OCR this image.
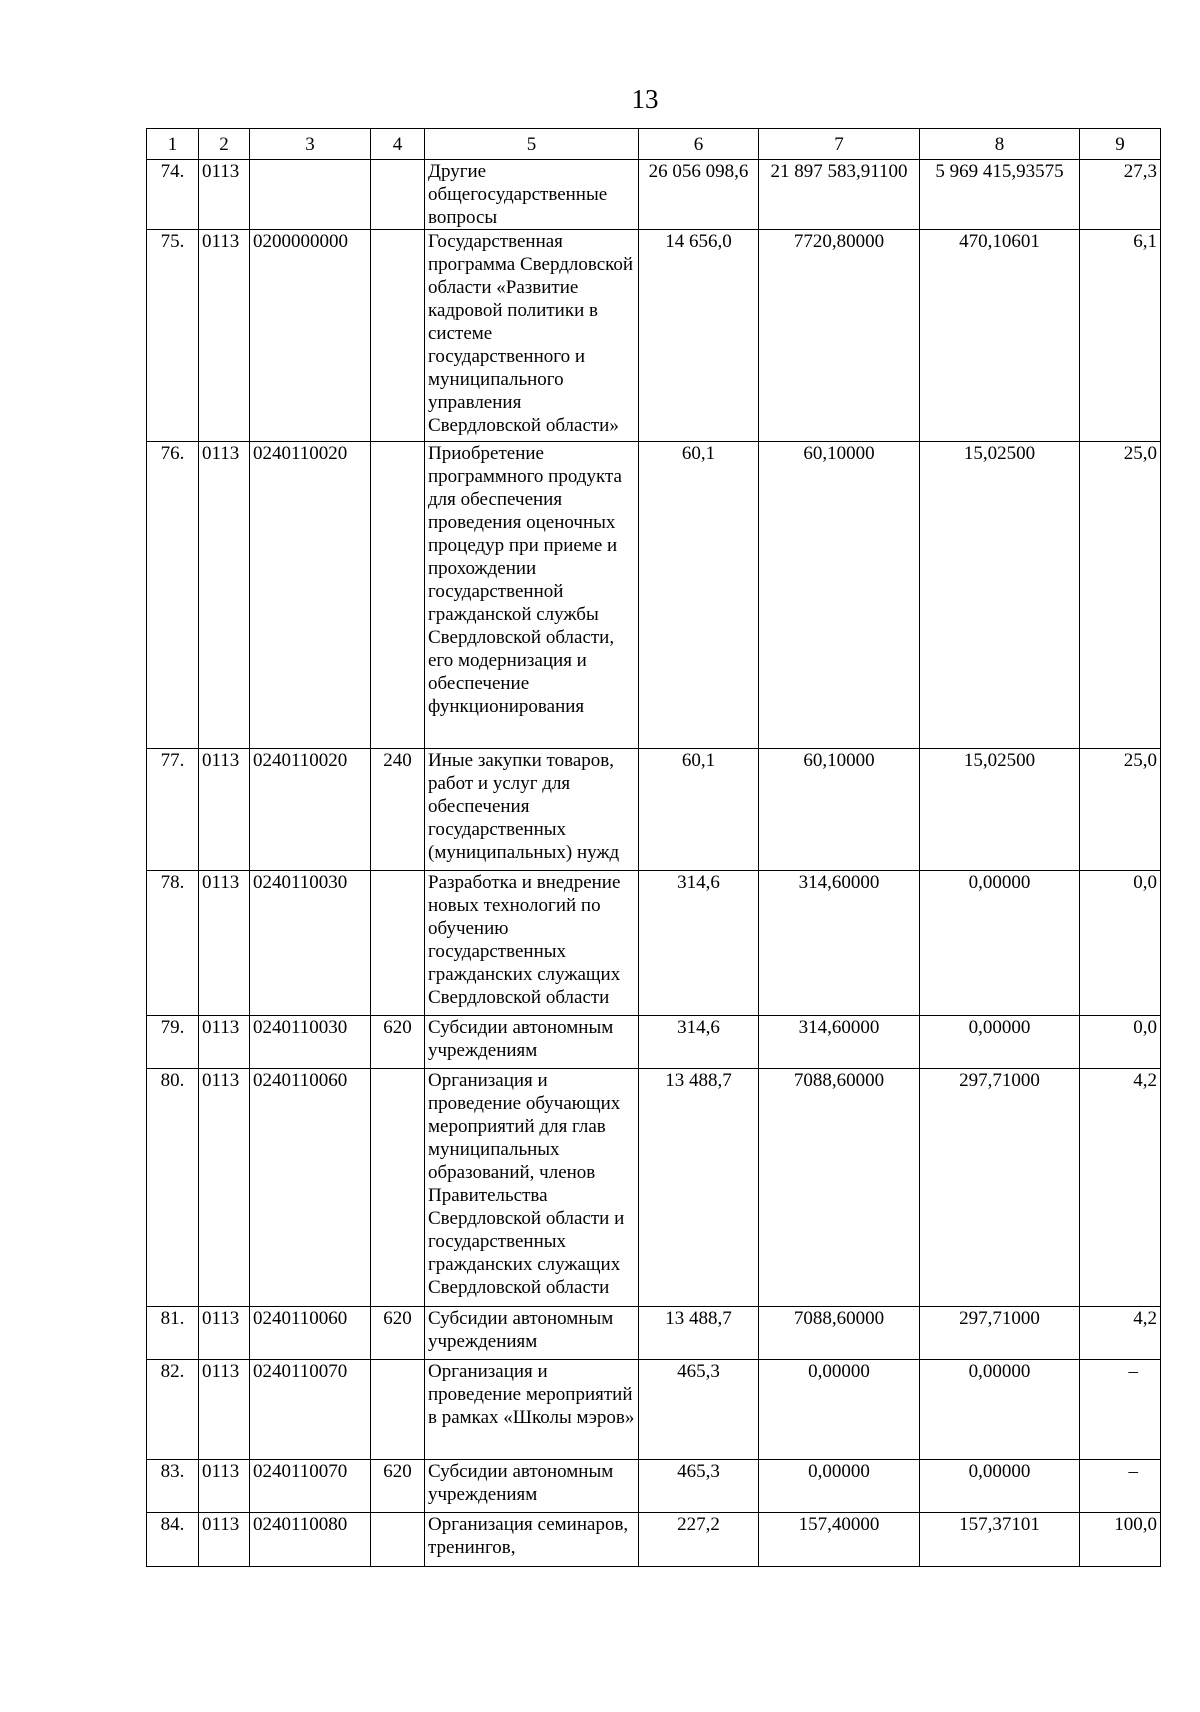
13
1	2	3	4	5	6	7	8	9
74.	0113			Другие общегосударственные вопросы	26 056 098,6	21 897 583,91100	5 969 415,93575	27,3
75.	0113	0200000000		Государственная программа Свердловской области «Развитие кадровой политики в системе государственного и муниципального управления Свердловской области»	14 656,0	7720,80000	470,10601	6,1
76.	0113	0240110020		Приобретение программного продукта для обеспечения проведения оценочных процедур при приеме и прохождении государственной гражданской службы Свердловской области, его модернизация и обеспечение функционирования	60,1	60,10000	15,02500	25,0
77.	0113	0240110020	240	Иные закупки товаров, работ и услуг для обеспечения государственных (муниципальных) нужд	60,1	60,10000	15,02500	25,0
78.	0113	0240110030		Разработка и внедрение новых технологий по обучению государственных гражданских служащих Свердловской области	314,6	314,60000	0,00000	0,0
79.	0113	0240110030	620	Субсидии автономным учреждениям	314,6	314,60000	0,00000	0,0
80.	0113	0240110060		Организация и проведение обучающих мероприятий для глав муниципальных образований, членов Правительства Свердловской области и государственных гражданских служащих Свердловской области	13 488,7	7088,60000	297,71000	4,2
81.	0113	0240110060	620	Субсидии автономным учреждениям	13 488,7	7088,60000	297,71000	4,2
82.	0113	0240110070		Организация и проведение мероприятий в рамках «Школы мэров»	465,3	0,00000	0,00000	–
83.	0113	0240110070	620	Субсидии автономным учреждениям	465,3	0,00000	0,00000	–
84.	0113	0240110080		Организация семинаров, тренингов,	227,2	157,40000	157,37101	100,0
